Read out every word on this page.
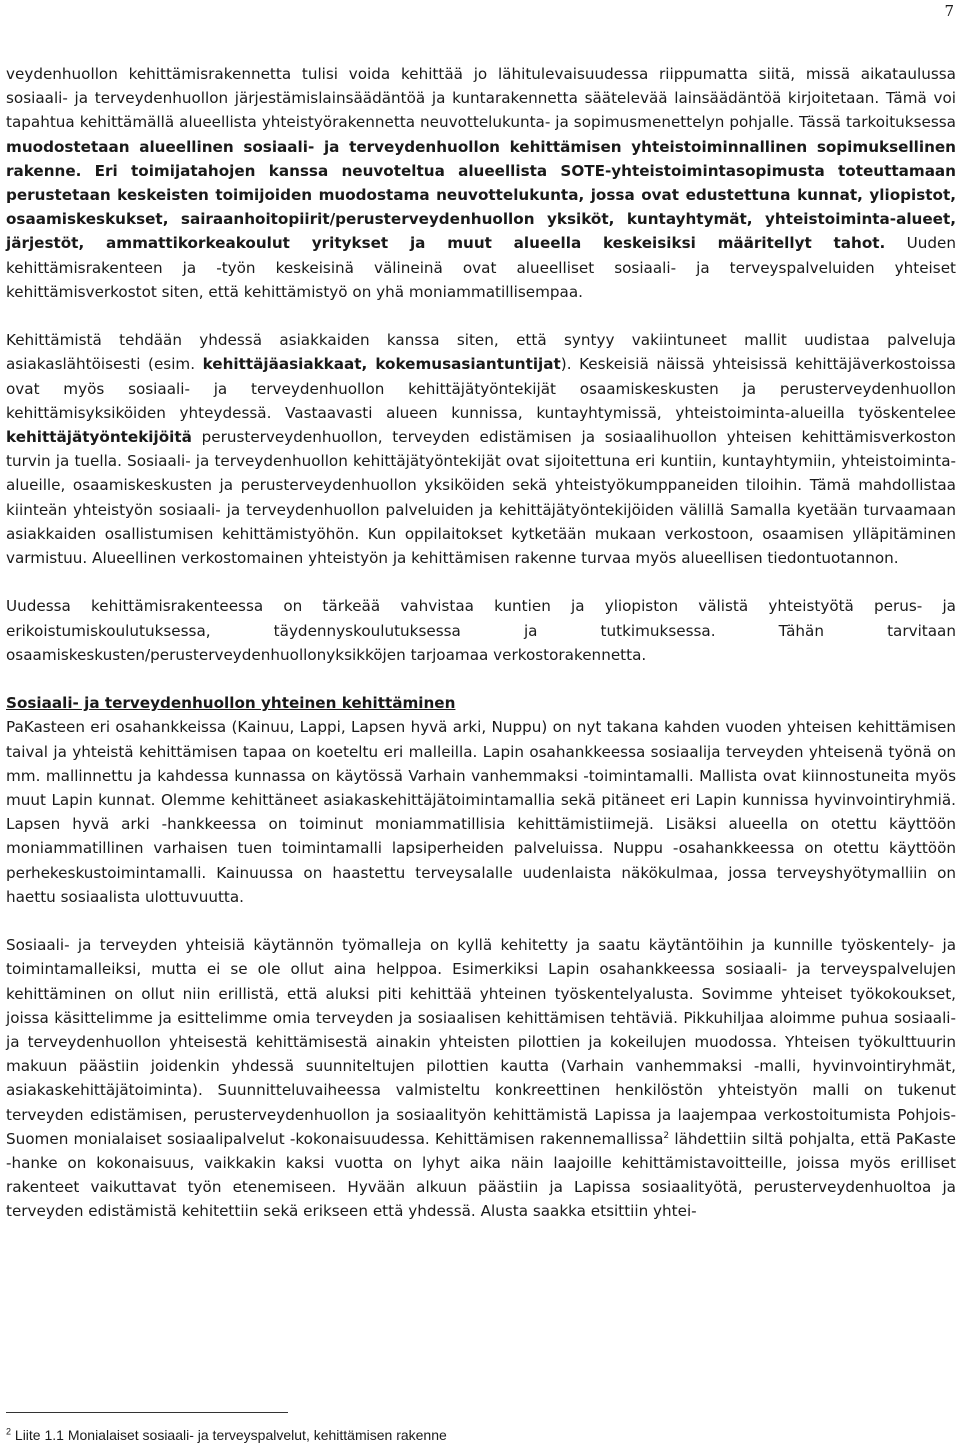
7

veydenhuollon kehittämisrakennetta tulisi voida kehittää jo lähitulevaisuudessa riippumatta siitä, missä aikataulussa sosiaali- ja terveydenhuollon järjestämislainsäädäntöä ja kuntarakennetta säätelevää lainsäädäntöä kirjoitetaan. Tämä voi tapahtua kehittämällä alueellista yhteistyörakennetta neuvottelukunta- ja sopimusmenettelyn pohjalle. Tässä tarkoituksessa muodostetaan alueellinen sosiaali- ja terveydenhuollon kehittämisen yhteistoiminnallinen sopimuksellinen rakenne. Eri toimijatahojen kanssa neuvoteltua alueellista SOTE-yhteistoimintasopimusta toteuttamaan perustetaan keskeisten toimijoiden muodostama neuvottelukunta, jossa ovat edustettuna kunnat, yliopistot, osaamiskeskukset, sairaanhoitopiirit/perusterveydenhuollon yksiköt, kuntayhtymät, yhteistoiminta-alueet, järjestöt, ammattikorkeakoulut yritykset ja muut alueella keskeisiksi määritellyt tahot. Uuden kehittämisrakenteen ja -työn keskeisinä välineinä ovat alueelliset sosiaali- ja terveyspalveluiden yhteiset kehittämisverkostot siten, että kehittämistyö on yhä moniammatillisempaa.

Kehittämistä tehdään yhdessä asiakkaiden kanssa siten, että syntyy vakiintuneet mallit uudistaa palveluja asiakaslähtöisesti (esim. kehittäjäasiakkaat, kokemusasiantuntijat). Keskeisiä näissä yhteisissä kehittäjäverkostoissa ovat myös sosiaali- ja terveydenhuollon kehittäjätyöntekijät osaamiskeskusten ja perusterveydenhuollon kehittämisyksiköiden yhteydessä. Vastaavasti alueen kunnissa, kuntayhtymissä, yhteistoiminta-alueilla työskentelee kehittäjätyöntekijöitä perusterveydenhuollon, terveyden edistämisen ja sosiaalihuollon yhteisen kehittämisverkoston turvin ja tuella. Sosiaali- ja terveydenhuollon kehittäjätyöntekijät ovat sijoitettuna eri kuntiin, kuntayhtymiin, yhteistoiminta-alueille, osaamiskeskusten ja perusterveydenhuollon yksiköiden sekä yhteistyökumppaneiden tiloihin. Tämä mahdollistaa kiinteän yhteistyön sosiaali- ja terveydenhuollon palveluiden ja kehittäjätyöntekijöiden välillä Samalla kyetään turvaamaan asiakkaiden osallistumisen kehittämistyöhön. Kun oppilaitokset kytketään mukaan verkostoon, osaamisen ylläpitäminen varmistuu. Alueellinen verkostomainen yhteistyön ja kehittämisen rakenne turvaa myös alueellisen tiedontuotannon.

Uudessa kehittämisrakenteessa on tärkeää vahvistaa kuntien ja yliopiston välistä yhteistyötä perus- ja erikoistumiskoulutuksessa, täydennyskoulutuksessa ja tutkimuksessa. Tähän tarvitaan osaamiskeskusten/perusterveydenhuollonyksikköjen tarjoamaa verkostorakennetta.

Sosiaali- ja terveydenhuollon yhteinen kehittäminen

PaKasteen eri osahankkeissa (Kainuu, Lappi, Lapsen hyvä arki, Nuppu) on nyt takana kahden vuoden yhteisen kehittämisen taival ja yhteistä kehittämisen tapaa on koeteltu eri malleilla. Lapin osahankkeessa sosiaalija terveyden yhteisenä työnä on mm. mallinnettu ja kahdessa kunnassa on käytössä Varhain vanhemmaksi -toimintamalli. Mallista ovat kiinnostuneita myös muut Lapin kunnat. Olemme kehittäneet asiakaskehittäjätoimintamallia sekä pitäneet eri Lapin kunnissa hyvinvointiryhmiä. Lapsen hyvä arki -hankkeessa on toiminut moniammatillisia kehittämistiimejä. Lisäksi alueella on otettu käyttöön moniammatillinen varhaisen tuen toimintamalli lapsiperheiden palveluissa. Nuppu -osahankkeessa on otettu käyttöön perhekeskustoimintamalli. Kainuussa on haastettu terveysalalle uudenlaista näkökulmaa, jossa terveyshyötymalliin on haettu sosiaalista ulottuvuutta.

Sosiaali- ja terveyden yhteisiä käytännön työmalleja on kyllä kehitetty ja saatu käytäntöihin ja kunnille työskentely- ja toimintamalleiksi, mutta ei se ole ollut aina helppoa. Esimerkiksi Lapin osahankkeessa sosiaali- ja terveyspalvelujen kehittäminen on ollut niin erillistä, että aluksi piti kehittää yhteinen työskentelyalusta. Sovimme yhteiset työkokoukset, joissa käsittelimme ja esittelimme omia terveyden ja sosiaalisen kehittämisen tehtäviä. Pikkuhiljaa aloimme puhua sosiaali- ja terveydenhuollon yhteisestä kehittämisestä ainakin yhteisten pilottien ja kokeilujen muodossa. Yhteisen työkulttuurin makuun päästiin joidenkin yhdessä suunniteltujen pilottien kautta (Varhain vanhemmaksi -malli, hyvinvointiryhmät, asiakaskehittäjätoiminta). Suunnitteluvaiheessa valmisteltu konkreettinen henkilöstön yhteistyön malli on tukenut terveyden edistämisen, perusterveydenhuollon ja sosiaalityön kehittämistä Lapissa ja laajempaa verkostoitumista Pohjois-Suomen monialaiset sosiaalipalvelut -kokonaisuudessa. Kehittämisen rakennemallissa$^2$ lähdettiin siltä pohjalta, että PaKaste -hanke on kokonaisuus, vaikkakin kaksi vuotta on lyhyt aika näin laajoille kehittämistavoitteille, joissa myös erilliset rakenteet vaikuttavat työn etenemiseen. Hyvään alkuun päästiin ja Lapissa sosiaalityötä, perusterveydenhuoltoa ja terveyden edistämistä kehitettiin sekä erikseen että yhdessä. Alusta saakka etsittiin yhtei-

$^2$ Liite 1.1 Monialaiset sosiaali- ja terveyspalvelut, kehittämisen rakenne
